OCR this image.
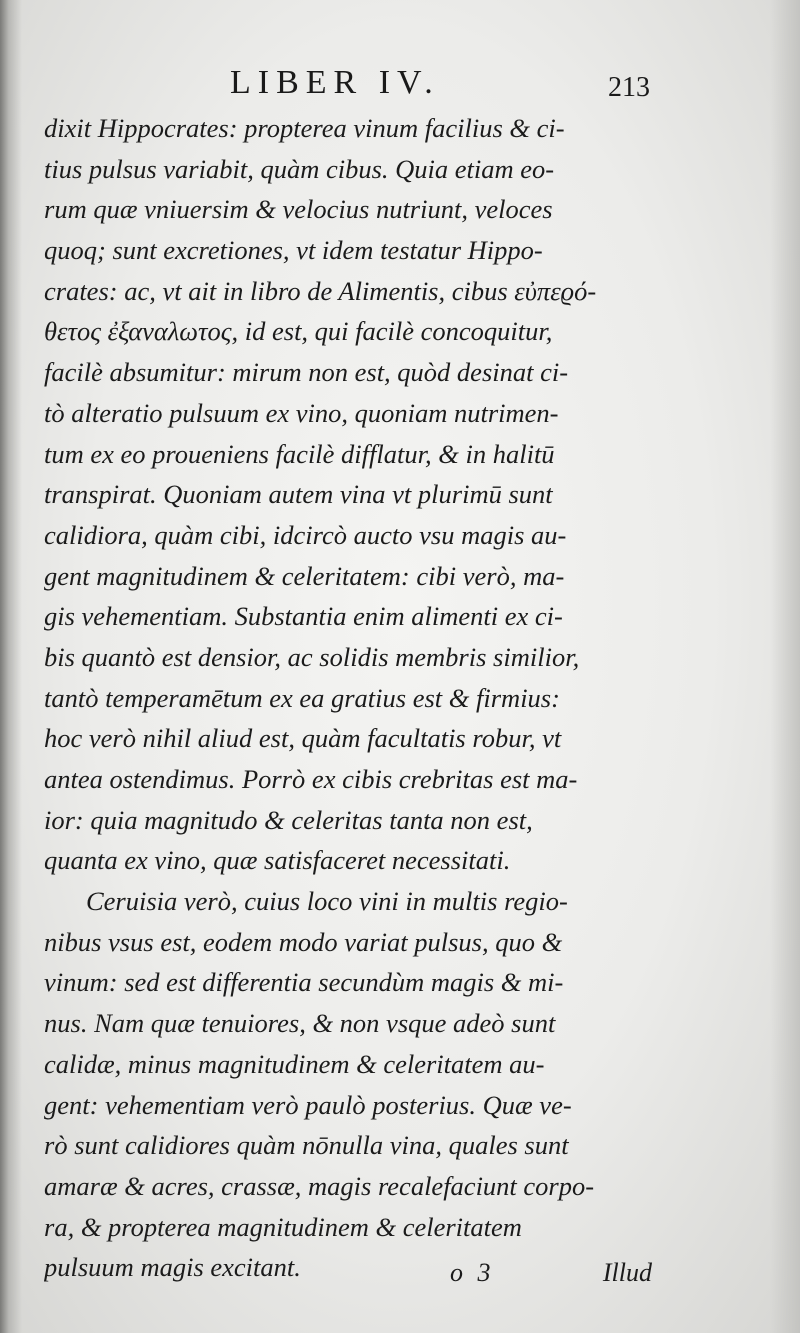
LIBER IV.	213
dixit Hippocrates: propterea vinum facilius & ci-
tius pulsus variabit, quàm cibus. Quia etiam eo-
rum quæ vniuersim & velocius nutriunt, veloces
quoq; sunt excretiones, vt idem testatur Hippo-
crates: ac, vt ait in libro de Alimentis, cibus εὐπεϱό-
θετος ἐξαναλωτος, id est, qui facilè concoquitur,
facilè absumitur: mirum non est, quòd desinat ci-
tò alteratio pulsuum ex vino, quoniam nutrimen-
tum ex eo proueniens facilè difflatur, & in halitū
transpirat. Quoniam autem vina vt plurimū sunt
calidiora, quàm cibi, idcircò aucto vsu magis au-
gent magnitudinem & celeritatem: cibi verò, ma-
gis vehementiam. Substantia enim alimenti ex ci-
bis quantò est densior, ac solidis membris similior,
tantò temperamētum ex ea gratius est & firmius:
hoc verò nihil aliud est, quàm facultatis robur, vt
antea ostendimus. Porrò ex cibis crebritas est ma-
ior: quia magnitudo & celeritas tanta non est,
quanta ex vino, quæ satisfaceret necessitati.
Ceruisia verò, cuius loco vini in multis regio-
nibus vsus est, eodem modo variat pulsus, quo &
vinum: sed est differentia secundùm magis & mi-
nus. Nam quæ tenuiores, & non vsque adeò sunt
calidæ, minus magnitudinem & celeritatem au-
gent: vehementiam verò paulò posterius. Quæ ve-
rò sunt calidiores quàm nōnulla vina, quales sunt
amaræ & acres, crassæ, magis recalefaciunt corpo-
ra, & propterea magnitudinem & celeritatem
pulsuum magis excitant.	o 3	Illud
